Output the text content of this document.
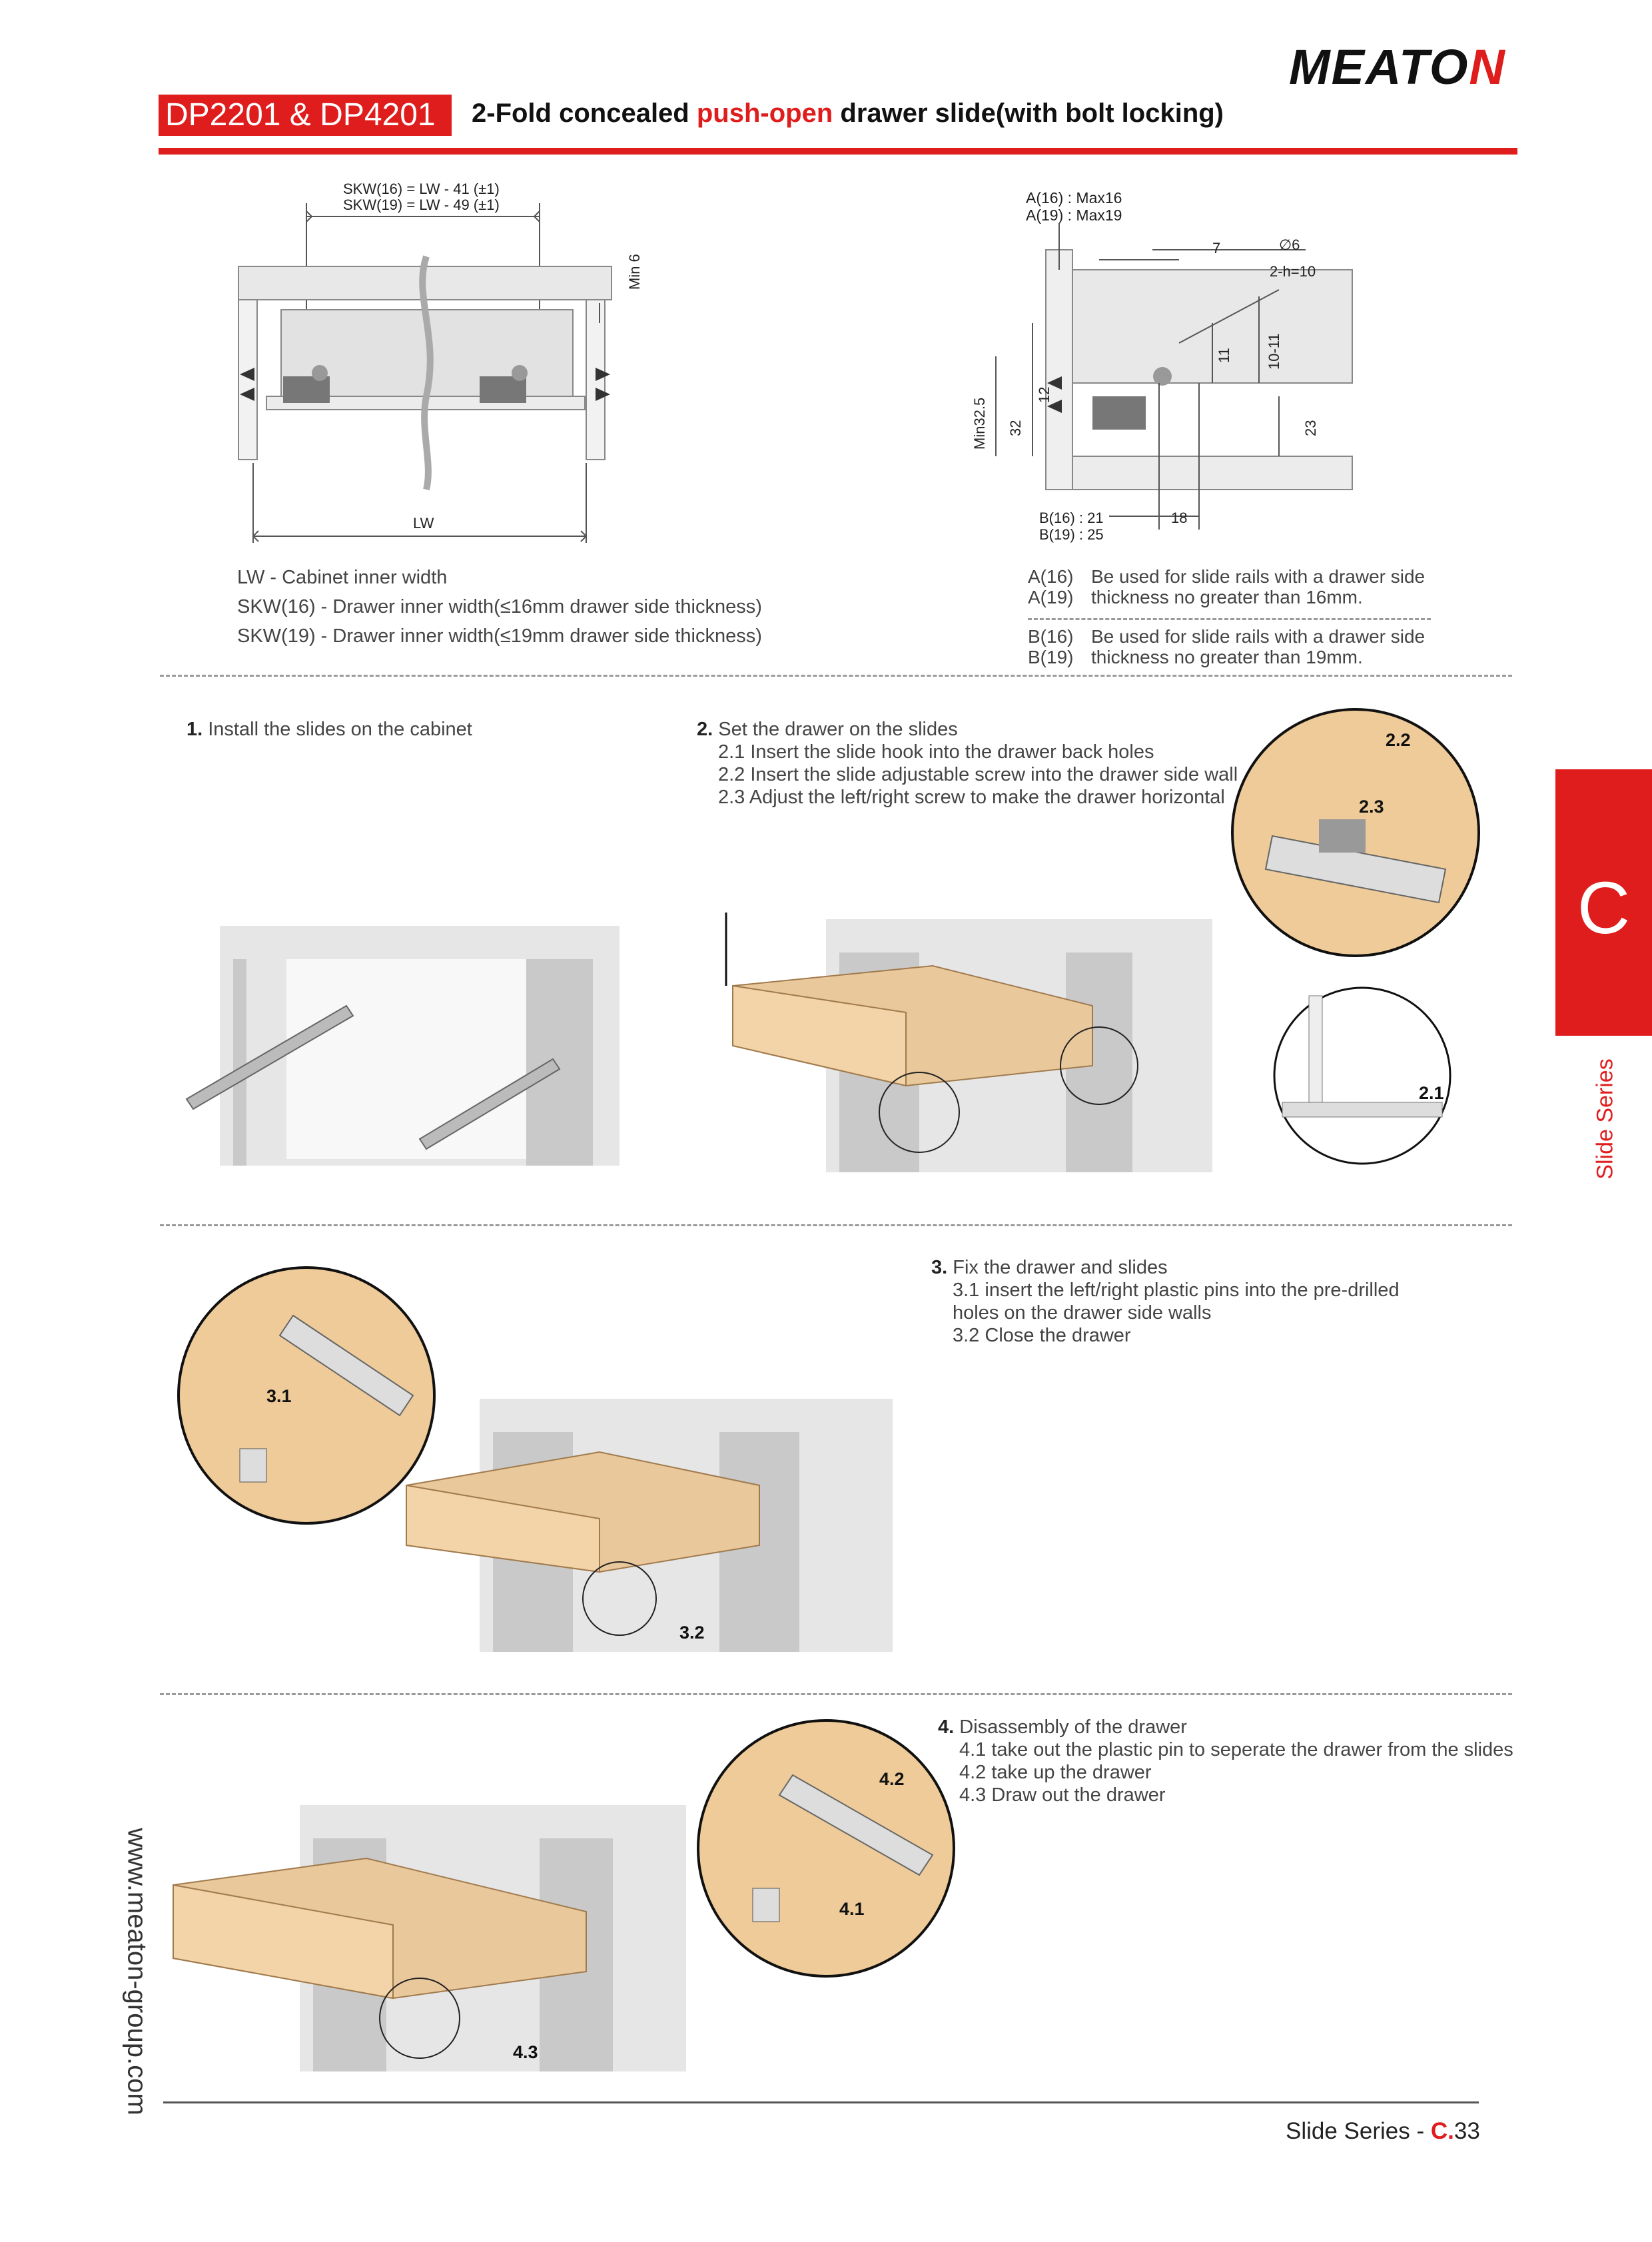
MEATON
DP2201 & DP4201	2-Fold concealed push-open drawer slide(with bolt locking)
SKW(16) = LW - 41 (±1)
SKW(19) = LW - 49 (±1)
LW
Min 6
A(16) : Max16
A(19) : Max19
7	∅6
2-h=10
11 10-11
12
32
Min32.5	23
B(16) : 21
B(19) : 25
18
LW - Cabinet inner width
SKW(16) - Drawer inner width(≤16mm drawer side thickness)
SKW(19) - Drawer inner width(≤19mm drawer side thickness)
A(16) Be used for slide rails with a drawer side
A(19) thickness no greater than 16mm.
B(16) Be used for slide rails with a drawer side
B(19) thickness no greater than 19mm.
1. Install the slides on the cabinet	2. Set the drawer on the slides
2.1 Insert the slide hook into the drawer back holes
2.2 Insert the slide adjustable screw into the drawer side wall
2.3 Adjust the left/right screw to make the drawer horizontal
2.2
2.3
2.1
3. Fix the drawer and slides
3.1 insert the left/right plastic pins into the pre-drilled
holes on the drawer side walls
3.2 Close the drawer
3.1
3.2
4. Disassembly of the drawer
4.1 take out the plastic pin to seperate the drawer from the slides
4.2 take up the drawer
4.3 Draw out the drawer
4.3
4.2
4.1
C
Slide Series
www.meaton-group.com
Slide Series - C.33
